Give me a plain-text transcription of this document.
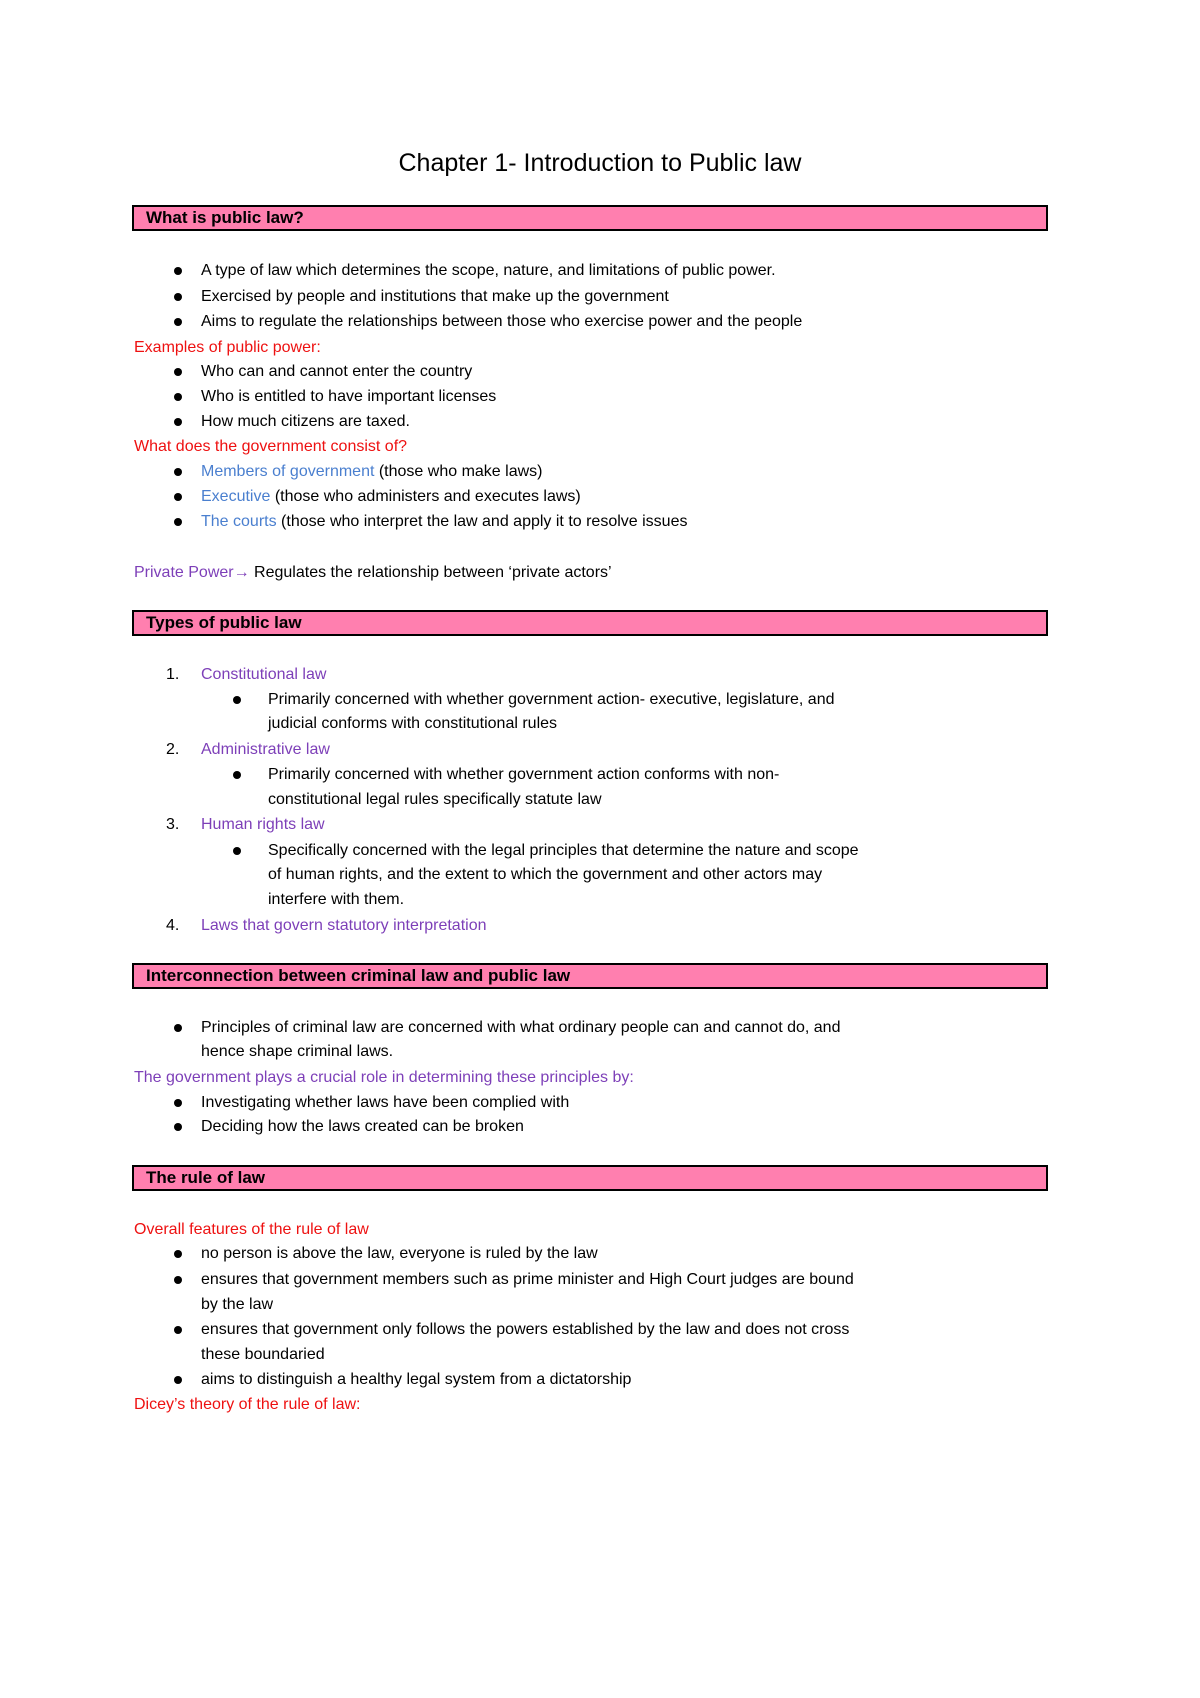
Chapter 1- Introduction to Public law
What is public law?
A type of law which determines the scope, nature, and limitations of public power.
Exercised by people and institutions that make up the government
Aims to regulate the relationships between those who exercise power and the people
Examples of public power:
Who can and cannot enter the country
Who is entitled to have important licenses
How much citizens are taxed.
What does the government consist of?
Members of government (those who make laws)
Executive (those who administers and executes laws)
The courts (those who interpret the law and apply it to resolve issues
Private Power→ Regulates the relationship between ‘private actors’
Types of public law
1. Constitutional law
Primarily concerned with whether government action- executive, legislature, and
judicial conforms with constitutional rules
2. Administrative law
Primarily concerned with whether government action conforms with non-
constitutional legal rules specifically statute law
3. Human rights law
Specifically concerned with the legal principles that determine the nature and scope
of human rights, and the extent to which the government and other actors may
interfere with them.
4. Laws that govern statutory interpretation
Interconnection between criminal law and public law
Principles of criminal law are concerned with what ordinary people can and cannot do, and
hence shape criminal laws.
The government plays a crucial role in determining these principles by:
Investigating whether laws have been complied with
Deciding how the laws created can be broken
The rule of law
Overall features of the rule of law
no person is above the law, everyone is ruled by the law
ensures that government members such as prime minister and High Court judges are bound
by the law
ensures that government only follows the powers established by the law and does not cross
these boundaried
aims to distinguish a healthy legal system from a dictatorship
Dicey’s theory of the rule of law:
